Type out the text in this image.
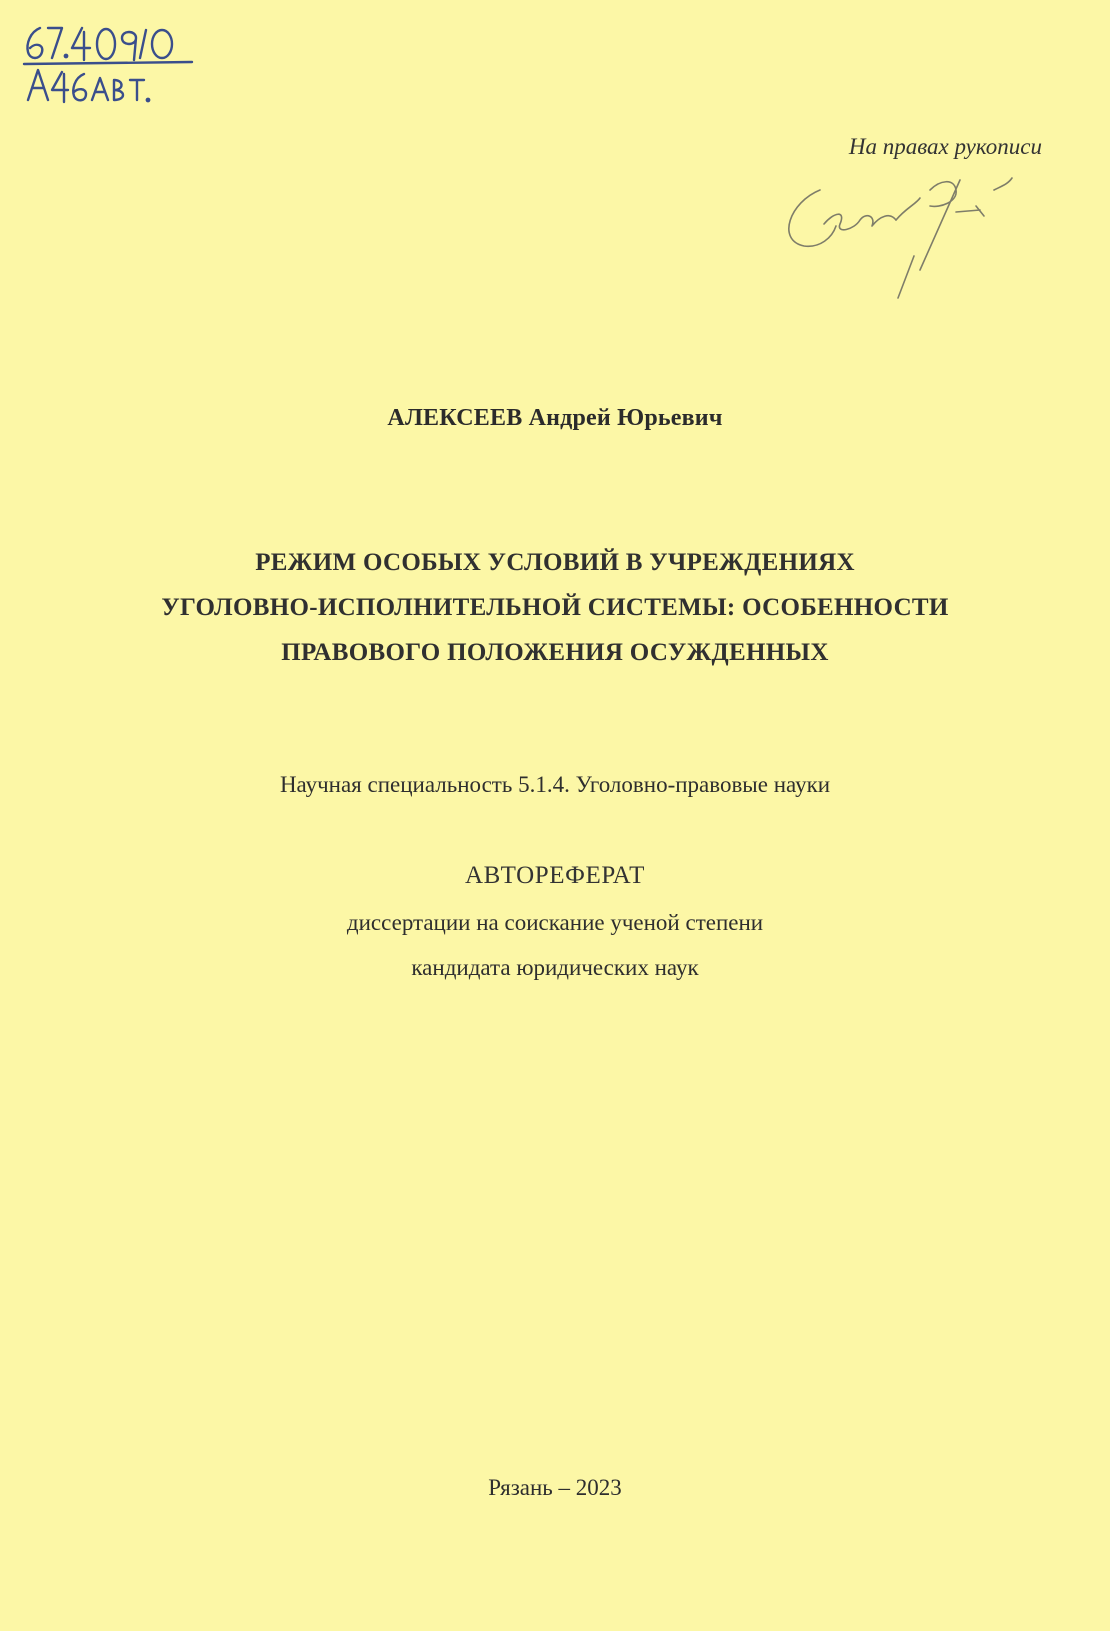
На правах рукописи
АЛЕКСЕЕВ Андрей Юрьевич
РЕЖИМ ОСОБЫХ УСЛОВИЙ В УЧРЕЖДЕНИЯХ
УГОЛОВНО-ИСПОЛНИТЕЛЬНОЙ СИСТЕМЫ: ОСОБЕННОСТИ
ПРАВОВОГО ПОЛОЖЕНИЯ ОСУЖДЕННЫХ
Научная специальность 5.1.4. Уголовно-правовые науки
АВТОРЕФЕРАТ
диссертации на соискание ученой степени
кандидата юридических наук
Рязань – 2023
